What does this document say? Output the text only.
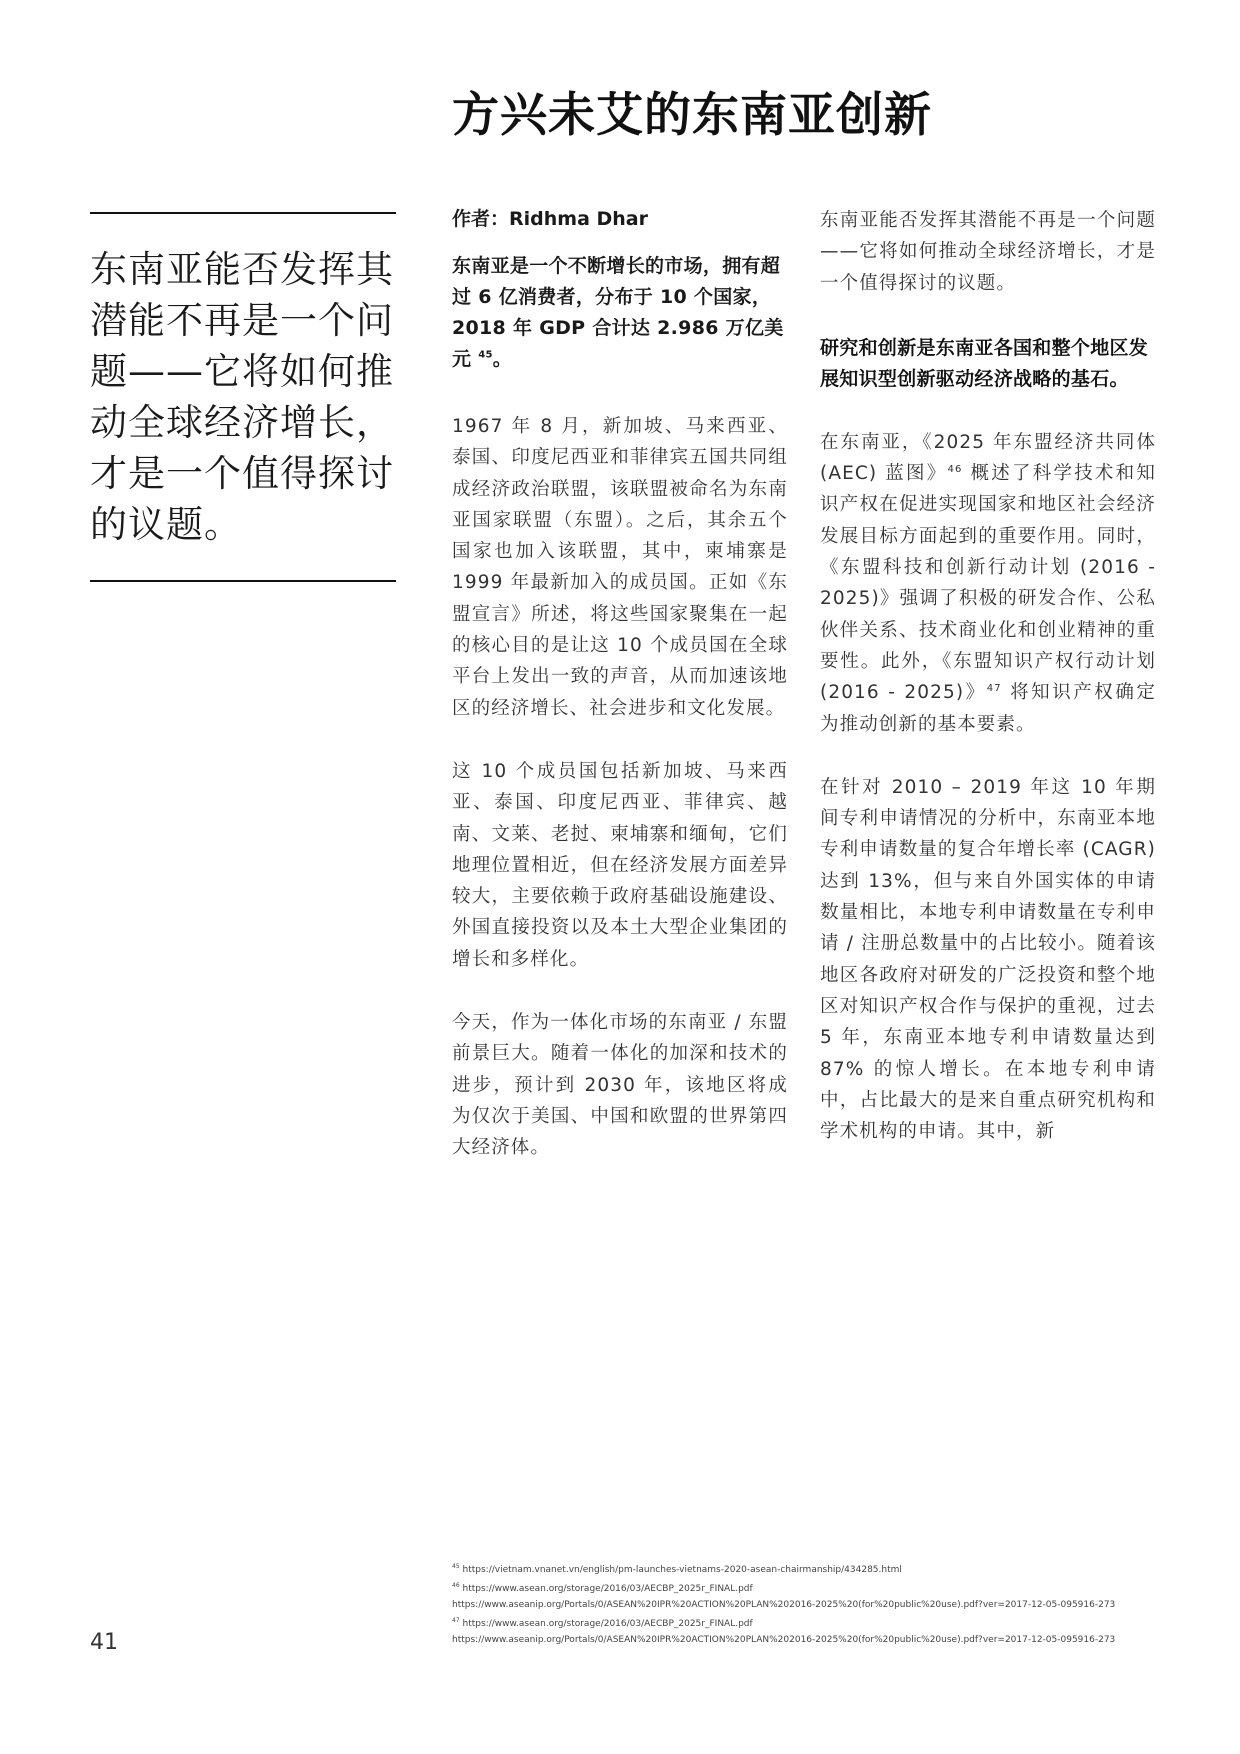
方兴未艾的东南亚创新

东南亚能否发挥其潜能不再是一个问题——它将如何推动全球经济增长，才是一个值得探讨的议题。

作者：Ridhma Dhar

东南亚是一个不断增长的市场，拥有超过 6 亿消费者，分布于 10 个国家，2018 年 GDP 合计达 2.986 万亿美元 $^{45}$。

1967 年 8 月，新加坡、马来西亚、泰国、印度尼西亚和菲律宾五国共同组成经济政治联盟，该联盟被命名为东南亚国家联盟（东盟）。之后，其余五个国家也加入该联盟，其中，柬埔寨是 1999 年最新加入的成员国。正如《东盟宣言》所述，将这些国家聚集在一起的核心目的是让这 10 个成员国在全球平台上发出一致的声音，从而加速该地区的经济增长、社会进步和文化发展。

这 10 个成员国包括新加坡、马来西亚、泰国、印度尼西亚、菲律宾、越南、文莱、老挝、柬埔寨和缅甸，它们地理位置相近，但在经济发展方面差异较大，主要依赖于政府基础设施建设、外国直接投资以及本土大型企业集团的增长和多样化。

今天，作为一体化市场的东南亚 / 东盟前景巨大。随着一体化的加深和技术的进步，预计到 2030 年，该地区将成为仅次于美国、中国和欧盟的世界第四大经济体。

东南亚能否发挥其潜能不再是一个问题——它将如何推动全球经济增长，才是一个值得探讨的议题。

研究和创新是东南亚各国和整个地区发展知识型创新驱动经济战略的基石。

在东南亚，《2025 年东盟经济共同体 (AEC) 蓝图》$^{46}$ 概述了科学技术和知识产权在促进实现国家和地区社会经济发展目标方面起到的重要作用。同时，《东盟科技和创新行动计划 (2016 - 2025)》强调了积极的研发合作、公私伙伴关系、技术商业化和创业精神的重要性。此外，《东盟知识产权行动计划 (2016 - 2025)》$^{47}$ 将知识产权确定为推动创新的基本要素。

在针对 2010 – 2019 年这 10 年期间专利申请情况的分析中，东南亚本地专利申请数量的复合年增长率 (CAGR) 达到 13%，但与来自外国实体的申请数量相比，本地专利申请数量在专利申请 / 注册总数量中的占比较小。随着该地区各政府对研发的广泛投资和整个地区对知识产权合作与保护的重视，过去 5 年，东南亚本地专利申请数量达到 87% 的惊人增长。在本地专利申请中，占比最大的是来自重点研究机构和学术机构的申请。其中，新

$^{45}$ https://vietnam.vnanet.vn/english/pm-launches-vietnams-2020-asean-chairmanship/434285.html

$^{46}$ https://www.asean.org/storage/2016/03/AECBP_2025r_FINAL.pdf
https://www.aseanip.org/Portals/0/ASEAN%20IPR%20ACTION%20PLAN%202016-2025%20(for%20public%20use).pdf?ver=2017-12-05-095916-273

$^{47}$ https://www.asean.org/storage/2016/03/AECBP_2025r_FINAL.pdf
https://www.aseanip.org/Portals/0/ASEAN%20IPR%20ACTION%20PLAN%202016-2025%20(for%20public%20use).pdf?ver=2017-12-05-095916-273

41
